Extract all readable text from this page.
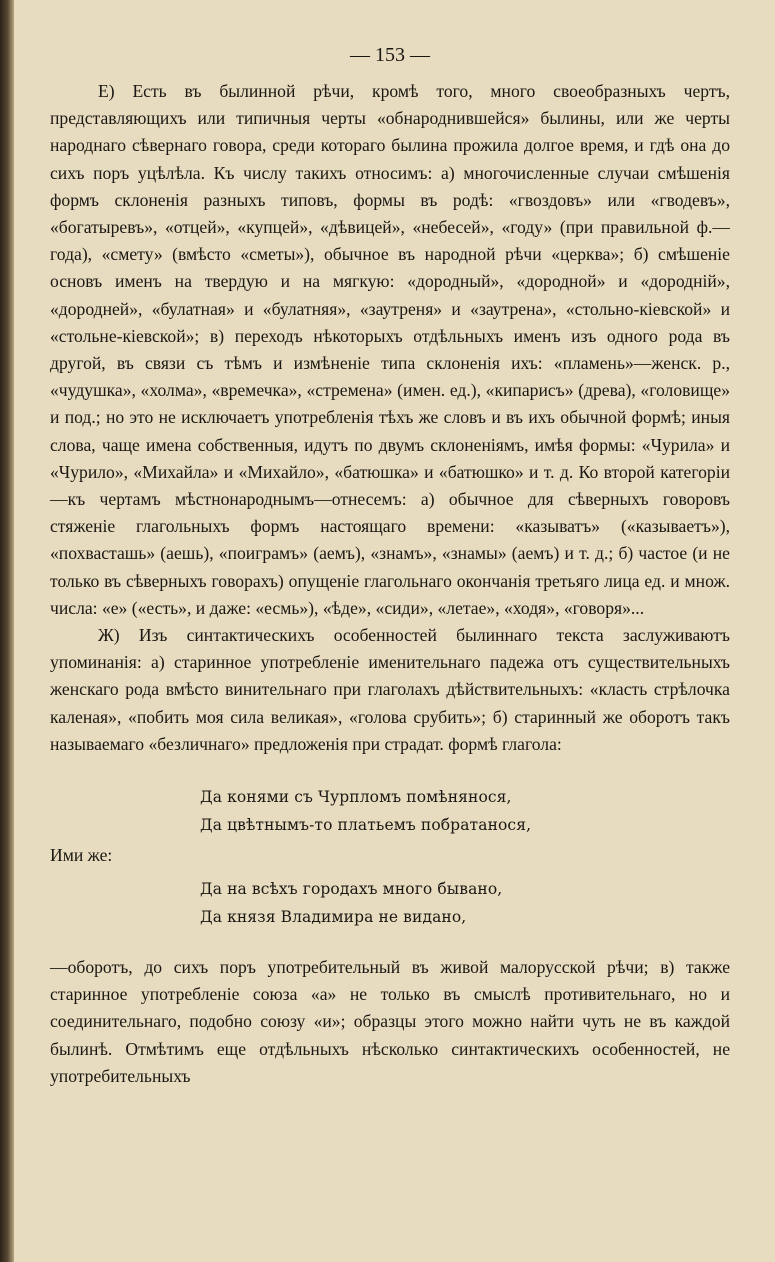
— 153 —

Е) Есть въ былинной рѣчи, кромѣ того, много своеобразныхъ чертъ, представляющихъ или типичныя черты «обнароднившейся» былины, или же черты народнаго сѣвернаго говора, среди котораго былина прожила долгое время, и гдѣ она до сихъ поръ уцѣлѣла. Къ числу такихъ относимъ: а) многочисленные случаи смѣшенія формъ склоненія разныхъ типовъ, формы въ родѣ: «гвоздовъ» или «гводевъ», «богатыревъ», «отцей», «купцей», «дѣвицей», «небесей», «году» (при правильной ф.—года), «смету» (вмѣсто «сметы»), обычное въ народной рѣчи «церква»; б) смѣшеніе основъ именъ на твердую и на мягкую: «дородный», «дородной» и «дороднiй», «дородней», «булатная» и «булатняя», «заутреня» и «заутрена», «стольно-кіевской» и «стольне-кіевской»; в) переходъ нѣкоторыхъ отдѣльныхъ именъ изъ одного рода въ другой, въ связи съ тѣмъ и измѣненіе типа склоненія ихъ: «пламень»—женск. р., «чудушка», «холма», «времечка», «стремена» (имен. ед.), «кипарисъ» (древа), «головище» и под.; но это не исключаетъ употребленія тѣхъ же словъ и въ ихъ обычной формѣ; иныя слова, чаще имена собственныя, идутъ по двумъ склоненіямъ, имѣя формы: «Чурила» и «Чурило», «Михайла» и «Михайло», «батюшка» и «батюшко» и т. д. Ко второй категоріи—къ чертамъ мѣстнонароднымъ—отнесемъ: а) обычное для сѣверныхъ говоровъ стяженіе глагольныхъ формъ настоящаго времени: «казыватъ» («казываетъ»), «похвасташь» (аешь), «поиграмъ» (аемъ), «знамъ», «знамы» (аемъ) и т. д.; б) частое (и не только въ сѣверныхъ говорахъ) опущеніе глагольнаго окончанія третьяго лица ед. и множ. числа: «е» («есть», и даже: «есмь»), «ѣде», «сиди», «летае», «ходя», «говоря»...

Ж) Изъ синтактическихъ особенностей былиннаго текста заслуживаютъ упоминанія: а) старинное употребленіе именительнаго падежа отъ существительныхъ женскаго рода вмѣсто винительнаго при глаголахъ дѣйствительныхъ: «класть стрѣлочка каленая», «побить моя сила великая», «голова срубить»; б) старинный же оборотъ такъ называемаго «безличнаго» предложенія при страдат. формѣ глагола:

Да конями съ Чурпломъ помѣнянося,
Да цвѣтнымъ-то платьемъ побратанося,
Ими же:
Да на всѣхъ городахъ много бывано,
Да князя Владимира не видано,

—оборотъ, до сихъ поръ употребительный въ живой малорусской рѣчи; в) также старинное употребленіе союза «а» не только въ смыслѣ противительнаго, но и соединительнаго, подобно союзу «и»; образцы этого можно найти чуть не въ каждой былинѣ. Отмѣтимъ еще отдѣльныхъ нѣсколько синтактическихъ особенностей, не употребительныхъ
